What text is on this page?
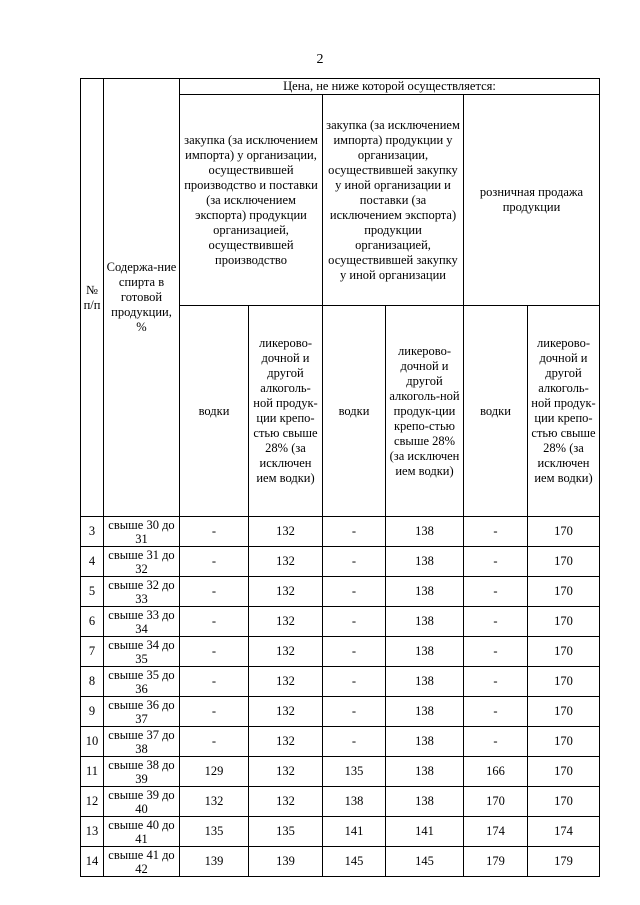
2
№ п/п	Содержа-ние спирта в готовой продукции, %	Цена, не ниже которой осуществляется:					
		закупка (за исключением импорта) у организации, осуществившей производство и поставки (за исключением экспорта) продукции организацией, осуществившей производство		закупка (за исключением импорта) продукции у организации, осуществившей закупку у иной организации и поставки (за исключением экспорта) продукции организацией, осуществившей закупку у иной организации		розничная продажа продукции	
		водки	ликерово-дочной и другой алкоголь-ной продук-ции крепо-стью свыше 28% (за исключен ием водки)	водки	ликерово-дочной и другой алкоголь-ной продук-ции крепо-стью свыше 28% (за исключен ием водки)	водки	ликерово-дочной и другой алкоголь-ной продук-ции крепо-стью свыше 28% (за исключен ием водки)
3	свыше 30 до 31	-	132	-	138	-	170
4	свыше 31 до 32	-	132	-	138	-	170
5	свыше 32 до 33	-	132	-	138	-	170
6	свыше 33 до 34	-	132	-	138	-	170
7	свыше 34 до 35	-	132	-	138	-	170
8	свыше 35 до 36	-	132	-	138	-	170
9	свыше 36 до 37	-	132	-	138	-	170
10	свыше 37 до 38	-	132	-	138	-	170
11	свыше 38 до 39	129	132	135	138	166	170
12	свыше 39 до 40	132	132	138	138	170	170
13	свыше 40 до 41	135	135	141	141	174	174
14	свыше 41 до 42	139	139	145	145	179	179
